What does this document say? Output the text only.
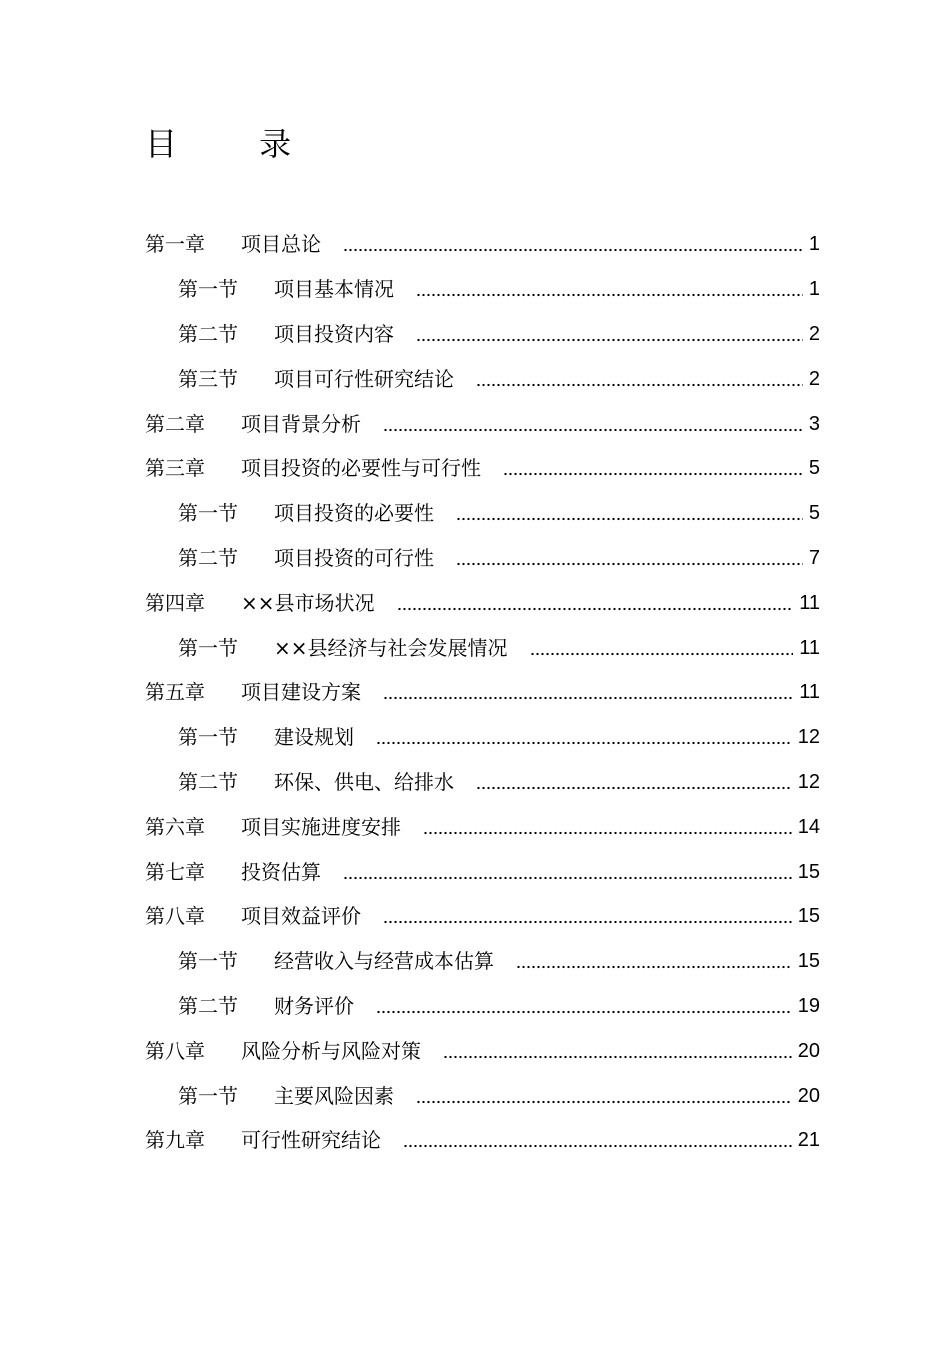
目 录
第一章	项目总论	1
第一节	项目基本情况	1
第二节	项目投资内容	2
第三节	项目可行性研究结论	2
第二章	项目背景分析	3
第三章	项目投资的必要性与可行性	5
第一节	项目投资的必要性	5
第二节	项目投资的可行性	7
第四章	××县市场状况	11
第一节	××县经济与社会发展情况	11
第五章	项目建设方案	11
第一节	建设规划	12
第二节	环保、供电、给排水	12
第六章	项目实施进度安排	14
第七章	投资估算	15
第八章	项目效益评价	15
第一节	经营收入与经营成本估算	15
第二节	财务评价	19
第八章	风险分析与风险对策	20
第一节	主要风险因素	20
第九章	可行性研究结论	21
